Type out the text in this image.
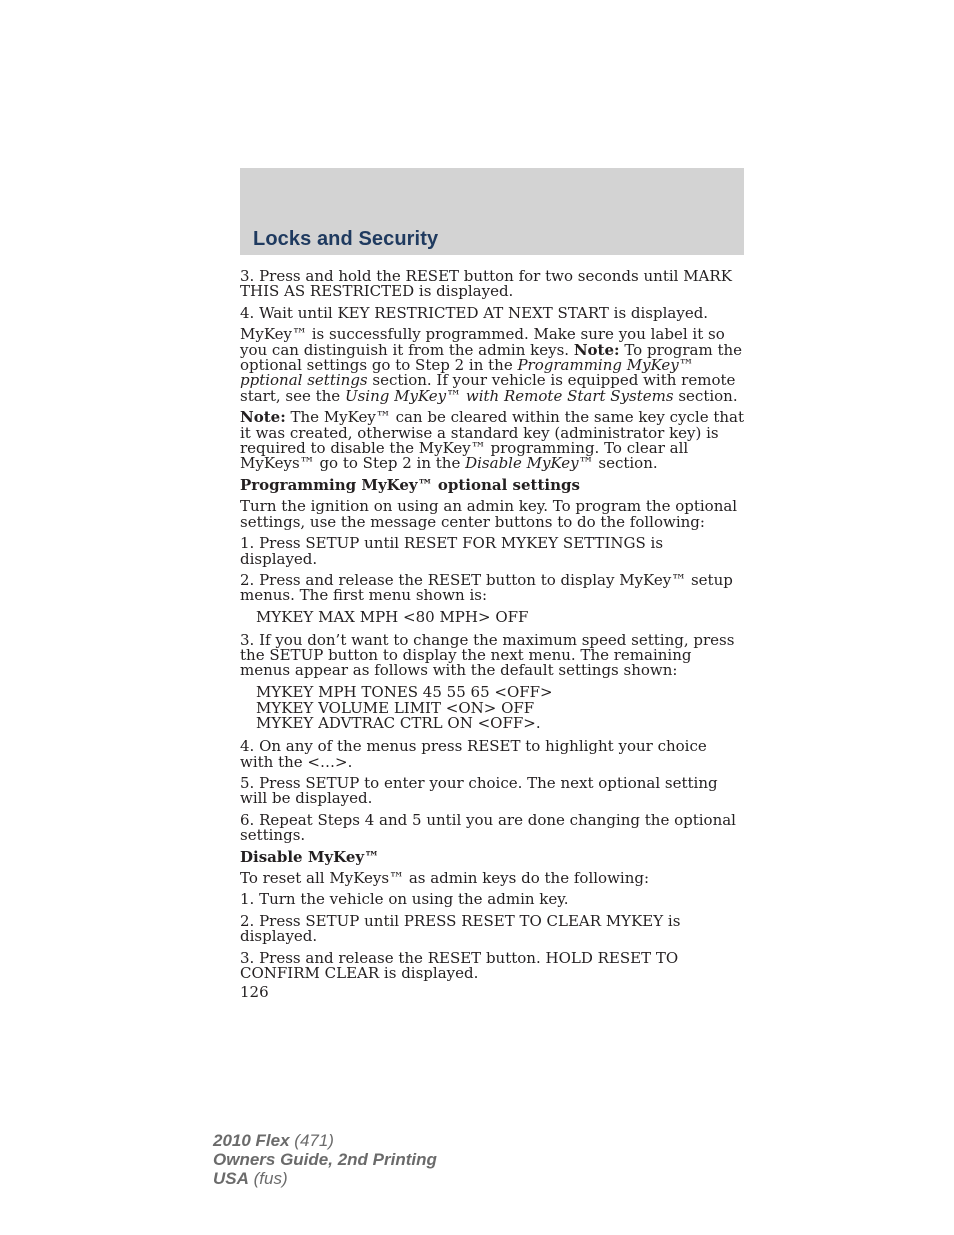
Locks and Security

3. Press and hold the RESET button for two seconds until MARK THIS AS RESTRICTED is displayed.

4. Wait until KEY RESTRICTED AT NEXT START is displayed.

MyKey™ is successfully programmed. Make sure you label it so you can distinguish it from the admin keys. Note: To program the optional settings go to Step 2 in the Programming MyKey™ pptional settings section. If your vehicle is equipped with remote start, see the Using MyKey™ with Remote Start Systems section.

Note: The MyKey™ can be cleared within the same key cycle that it was created, otherwise a standard key (administrator key) is required to disable the MyKey™ programming. To clear all MyKeys™ go to Step 2 in the Disable MyKey™ section.

Programming MyKey™ optional settings

Turn the ignition on using an admin key. To program the optional settings, use the message center buttons to do the following:

1. Press SETUP until RESET FOR MYKEY SETTINGS is displayed.

2. Press and release the RESET button to display MyKey™ setup menus. The first menu shown is:

MYKEY MAX MPH <80 MPH> OFF

3. If you don’t want to change the maximum speed setting, press the SETUP button to display the next menu. The remaining menus appear as follows with the default settings shown:

MYKEY MPH TONES 45 55 65 <OFF>
MYKEY VOLUME LIMIT <ON> OFF
MYKEY ADVTRAC CTRL ON <OFF>.

4. On any of the menus press RESET to highlight your choice with the <…>.

5. Press SETUP to enter your choice. The next optional setting will be displayed.

6. Repeat Steps 4 and 5 until you are done changing the optional settings.

Disable MyKey™

To reset all MyKeys™ as admin keys do the following:

1. Turn the vehicle on using the admin key.

2. Press SETUP until PRESS RESET TO CLEAR MYKEY is displayed.

3. Press and release the RESET button. HOLD RESET TO CONFIRM CLEAR is displayed.

126
2010 Flex (471)
Owners Guide, 2nd Printing
USA (fus)
